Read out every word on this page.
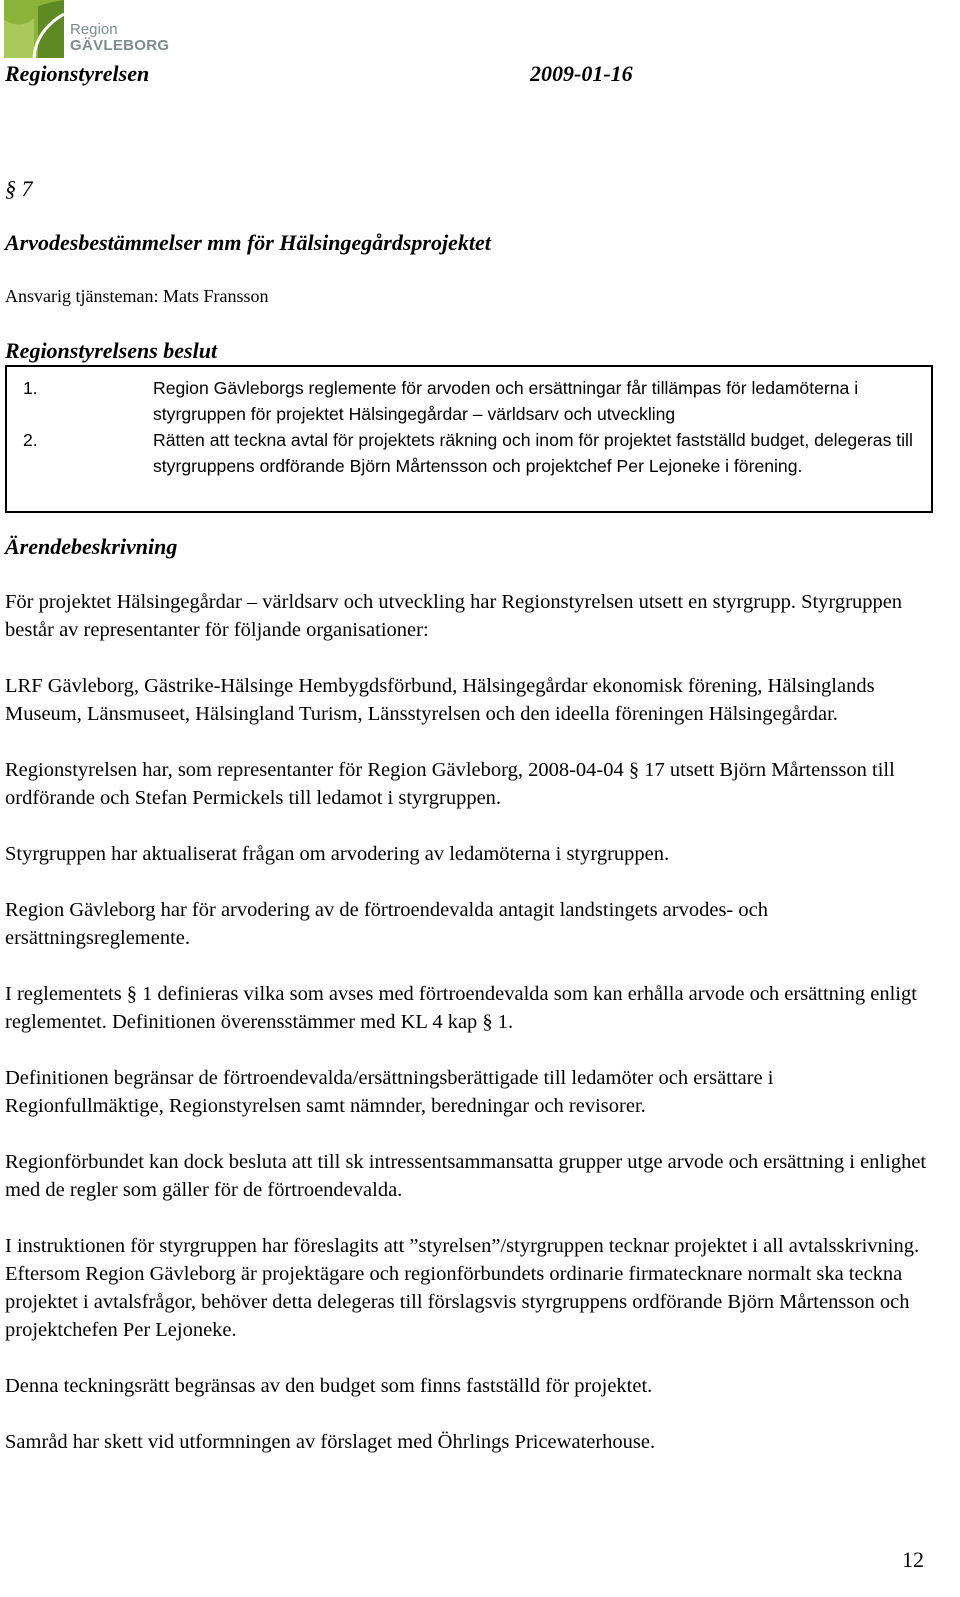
Region
GÄVLEBORG
Regionstyrelsen	2009-01-16
§ 7
Arvodesbestämmelser mm för Hälsingegårdsprojektet
Ansvarig tjänsteman: Mats Fransson
Regionstyrelsens beslut
1.	Region Gävleborgs reglemente för arvoden och ersättningar får tillämpas för ledamöterna i styrgruppen för projektet Hälsingegårdar – världsarv och utveckling
2.	Rätten att teckna avtal för projektets räkning och inom för projektet fastställd budget, delegeras till styrgruppens ordförande Björn Mårtensson och projektchef Per Lejoneke i förening.
Ärendebeskrivning

För projektet Hälsingegårdar – världsarv och utveckling har Regionstyrelsen utsett en styrgrupp. Styrgruppen består av representanter för följande organisationer:

LRF Gävleborg, Gästrike-Hälsinge Hembygdsförbund, Hälsingegårdar ekonomisk förening, Hälsinglands Museum, Länsmuseet, Hälsingland Turism, Länsstyrelsen och den ideella föreningen Hälsingegårdar.

Regionstyrelsen har, som representanter för Region Gävleborg, 2008-04-04 § 17 utsett Björn Mårtensson till ordförande och Stefan Permickels till ledamot i styrgruppen.

Styrgruppen har aktualiserat frågan om arvodering av ledamöterna i styrgruppen.

Region Gävleborg har för arvodering av de förtroendevalda antagit landstingets arvodes- och ersättningsreglemente.

I reglementets § 1 definieras vilka som avses med förtroendevalda som kan erhålla arvode och ersättning enligt reglementet. Definitionen överensstämmer med KL 4 kap § 1.

Definitionen begränsar de förtroendevalda/ersättningsberättigade till ledamöter och ersättare i Regionfullmäktige, Regionstyrelsen samt nämnder, beredningar och revisorer.

Regionförbundet kan dock besluta att till sk intressentsammansatta grupper utge arvode och ersättning i enlighet med de regler som gäller för de förtroendevalda.

I instruktionen för styrgruppen har föreslagits att ”styrelsen”/styrgruppen tecknar projektet i all avtalsskrivning. Eftersom Region Gävleborg är projektägare och regionförbundets ordinarie firmatecknare normalt ska teckna projektet i avtalsfrågor, behöver detta delegeras till förslagsvis styrgruppens ordförande Björn Mårtensson och projektchefen Per Lejoneke.

Denna teckningsrätt begränsas av den budget som finns fastställd för projektet.

Samråd har skett vid utformningen av förslaget med Öhrlings Pricewaterhouse.

12
